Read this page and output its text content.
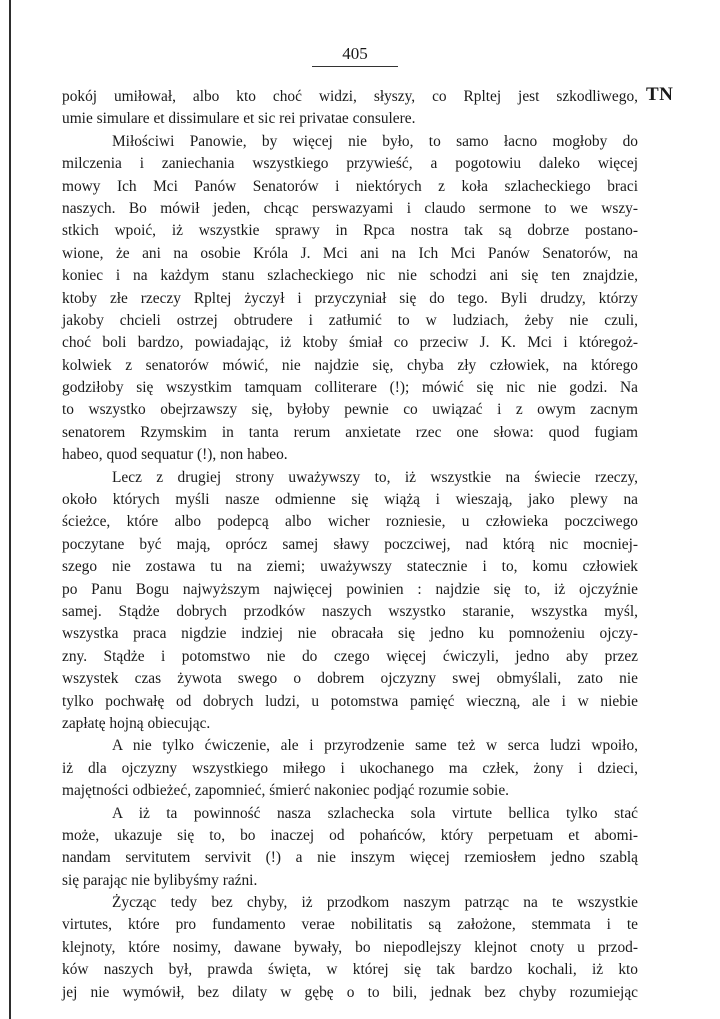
405
TN
pokój umiłował, albo kto choć widzi, słyszy, co Rpltej jest szkodliwego,
umie simulare et dissimulare et sic rei privatae consulere.
Miłościwi Panowie, by więcej nie było, to samo łacno mogłoby do
milczenia i zaniechania wszystkiego przywieść, a pogotowiu daleko więcej
mowy Ich Mci Panów Senatorów i niektórych z koła szlacheckiego braci
naszych. Bo mówił jeden, chcąc perswazyami i claudo sermone to we wszy-
stkich wpoić, iż wszystkie sprawy in Rpca nostra tak są dobrze postano-
wione, że ani na osobie Króla J. Mci ani na Ich Mci Panów Senatorów, na
koniec i na każdym stanu szlacheckiego nic nie schodzi ani się ten znajdzie,
ktoby złe rzeczy Rpltej życzył i przyczyniał się do tego. Byli drudzy, którzy
jakoby chcieli ostrzej obtrudere i zatłumić to w ludziach, żeby nie czuli,
choć boli bardzo, powiadając, iż ktoby śmiał co przeciw J. K. Mci i któregoż-
kolwiek z senatorów mówić, nie najdzie się, chyba zły człowiek, na którego
godziłoby się wszystkim tamquam colliterare (!); mówić się nic nie godzi. Na
to wszystko obejrzawszy się, byłoby pewnie co uwiązać i z owym zacnym
senatorem Rzymskim in tanta rerum anxietate rzec one słowa: quod fugiam
habeo, quod sequatur (!), non habeo.
Lecz z drugiej strony uważywszy to, iż wszystkie na świecie rzeczy,
około których myśli nasze odmienne się wiążą i wieszają, jako plewy na
ścieżce, które albo podepcą albo wicher rozniesie, u człowieka poczciwego
poczytane być mają, oprócz samej sławy poczciwej, nad którą nic mocniej-
szego nie zostawa tu na ziemi; uważywszy statecznie i to, komu człowiek
po Panu Bogu najwyższym najwięcej powinien : najdzie się to, iż ojczyźnie
samej. Stądże dobrych przodków naszych wszystko staranie, wszystka myśl,
wszystka praca nigdzie indziej nie obracała się jedno ku pomnożeniu ojczy-
zny. Stądże i potomstwo nie do czego więcej ćwiczyli, jedno aby przez
wszystek czas żywota swego o dobrem ojczyzny swej obmyślali, zato nie
tylko pochwałę od dobrych ludzi, u potomstwa pamięć wieczną, ale i w niebie
zapłatę hojną obiecując.
A nie tylko ćwiczenie, ale i przyrodzenie same też w serca ludzi wpoiło,
iż dla ojczyzny wszystkiego miłego i ukochanego ma człek, żony i dzieci,
majętności odbieżeć, zapomnieć, śmierć nakoniec podjąć rozumie sobie.
A iż ta powinność nasza szlachecka sola virtute bellica tylko stać
może, ukazuje się to, bo inaczej od pohańców, który perpetuam et abomi-
nandam servitutem servivit (!) a nie inszym więcej rzemiosłem jedno szablą
się parając nie bylibyśmy raźni.
Życząc tedy bez chyby, iż przodkom naszym patrząc na te wszystkie
virtutes, które pro fundamento verae nobilitatis są założone, stemmata i te
klejnoty, które nosimy, dawane bywały, bo niepodlejszy klejnot cnoty u przod-
ków naszych był, prawda święta, w której się tak bardzo kochali, iż kto
jej nie wymówił, bez dilaty w gębę o to bili, jednak bez chyby rozumiejąc
